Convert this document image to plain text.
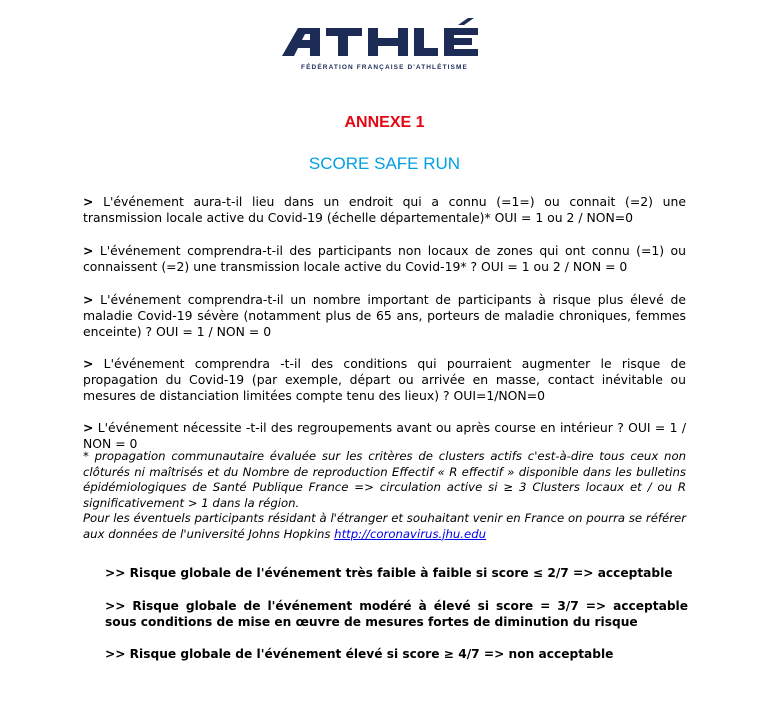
FÉDÉRATION FRANÇAISE D'ATHLÉTISME
ANNEXE 1
SCORE SAFE RUN

> L'événement aura-t-il lieu dans un endroit qui a connu (=1=) ou connait (=2) une transmission locale active du Covid-19 (échelle départementale)* OUI = 1 ou 2 / NON=0

> L'événement comprendra-t-il des participants non locaux de zones qui ont connu (=1) ou connaissent (=2) une transmission locale active du Covid-19* ? OUI = 1 ou 2 / NON = 0

> L'événement comprendra-t-il un nombre important de participants à risque plus élevé de maladie Covid-19 sévère (notamment plus de 65 ans, porteurs de maladie chroniques, femmes enceinte) ? OUI = 1 / NON = 0

> L'événement comprendra -t-il des conditions qui pourraient augmenter le risque de propagation du Covid-19 (par exemple, départ ou arrivée en masse, contact inévitable ou mesures de distanciation limitées compte tenu des lieux) ? OUI=1/NON=0

> L'événement nécessite -t-il des regroupements avant ou après course en intérieur ? OUI = 1 / NON = 0

* propagation communautaire évaluée sur les critères de clusters actifs c'est-à-dire tous ceux non clôturés ni maîtrisés et du Nombre de reproduction Effectif « R effectif » disponible dans les bulletins épidémiologiques de Santé Publique France => circulation active si ≥ 3 Clusters locaux et / ou R significativement > 1 dans la région.
Pour les éventuels participants résidant à l'étranger et souhaitant venir en France on pourra se référer aux données de l'université Johns Hopkins http://coronavirus.jhu.edu
>> Risque globale de l'événement très faible à faible si score ≤ 2/7 => acceptable
>> Risque globale de l'événement modéré à élevé si score = 3/7 => acceptable sous conditions de mise en œuvre de mesures fortes de diminution du risque
>> Risque globale de l'événement élevé si score ≥ 4/7 => non acceptable
